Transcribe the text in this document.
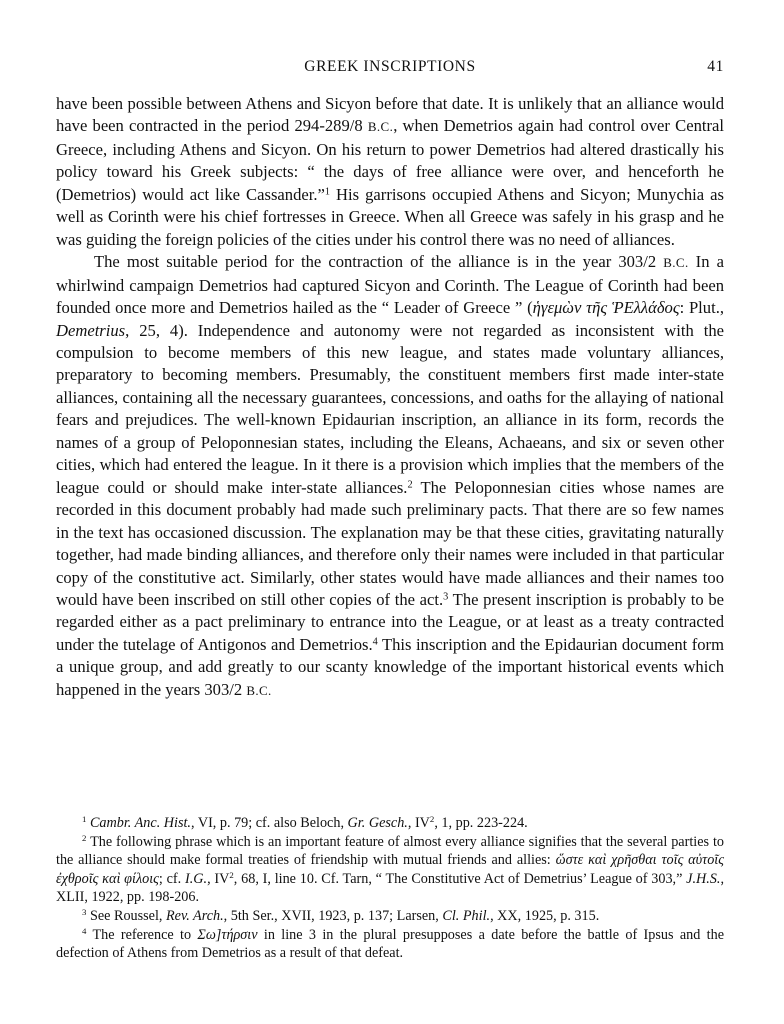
GREEK INSCRIPTIONS	41

have been possible between Athens and Sicyon before that date. It is unlikely that an alliance would have been contracted in the period 294-289/8 B.C., when Demetrios again had control over Central Greece, including Athens and Sicyon. On his return to power Demetrios had altered drastically his policy toward his Greek subjects: “ the days of free alliance were over, and henceforth he (Demetrios) would act like Cassander.”$^1$ His garrisons occupied Athens and Sicyon; Munychia as well as Corinth were his chief fortresses in Greece. When all Greece was safely in his grasp and he was guiding the foreign policies of the cities under his control there was no need of alliances.

The most suitable period for the contraction of the alliance is in the year 303/2 B.C. In a whirlwind campaign Demetrios had captured Sicyon and Corinth. The League of Corinth had been founded once more and Demetrios hailed as the “ Leader of Greece ” (ἡγεμὼν τῆς ῬΕλλάδος: Plut., Demetrius, 25, 4). Independence and autonomy were not regarded as inconsistent with the compulsion to become members of this new league, and states made voluntary alliances, preparatory to becoming members. Presumably, the constituent members first made inter-state alliances, containing all the necessary guarantees, concessions, and oaths for the allaying of national fears and prejudices. The well-known Epidaurian inscription, an alliance in its form, records the names of a group of Peloponnesian states, including the Eleans, Achaeans, and six or seven other cities, which had entered the league. In it there is a provision which implies that the members of the league could or should make inter-state alliances.$^2$ The Peloponnesian cities whose names are recorded in this document probably had made such preliminary pacts. That there are so few names in the text has occasioned discussion. The explanation may be that these cities, gravitating naturally together, had made binding alliances, and therefore only their names were included in that particular copy of the constitutive act. Similarly, other states would have made alliances and their names too would have been inscribed on still other copies of the act.$^3$ The present inscription is probably to be regarded either as a pact preliminary to entrance into the League, or at least as a treaty contracted under the tutelage of Antigonos and Demetrios.$^4$ This inscription and the Epidaurian document form a unique group, and add greatly to our scanty knowledge of the important historical events which happened in the years 303/2 B.C.

$^1$ Cambr. Anc. Hist., VI, p. 79; cf. also Beloch, Gr. Gesch., $IV^2$, 1, pp. 223-224.

$^2$ The following phrase which is an important feature of almost every alliance signifies that the several parties to the alliance should make formal treaties of friendship with mutual friends and allies: ὥστε καὶ χρῆσθαι τοῖς αὐτοῖς ἐχθροῖς καὶ φίλοις; cf. I.G., $IV^2$, 68, I, line 10. Cf. Tarn, “ The Constitutive Act of Demetrius’ League of 303,” J.H.S., XLII, 1922, pp. 198-206.

$^3$ See Roussel, Rev. Arch., 5th Ser., XVII, 1923, p. 137; Larsen, Cl. Phil., XX, 1925, p. 315.

$^4$ The reference to Σω]τήρσιν in line 3 in the plural presupposes a date before the battle of Ipsus and the defection of Athens from Demetrios as a result of that defeat.
